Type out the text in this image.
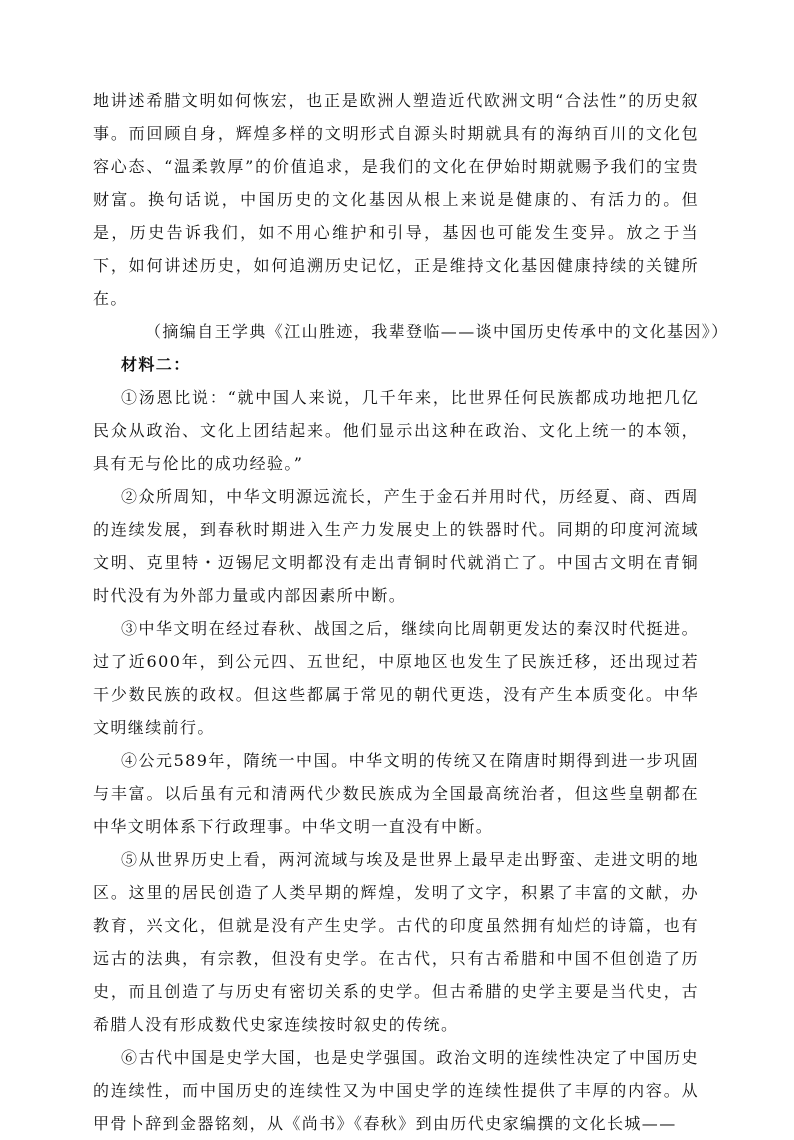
地讲述希腊文明如何恢宏，也正是欧洲人塑造近代欧洲文明“合法性”的历史叙事。而回顾自身，辉煌多样的文明形式自源头时期就具有的海纳百川的文化包容心态、“温柔敦厚”的价值追求，是我们的文化在伊始时期就赐予我们的宝贵财富。换句话说，中国历史的文化基因从根上来说是健康的、有活力的。但是，历史告诉我们，如不用心维护和引导，基因也可能发生变异。放之于当下，如何讲述历史，如何追溯历史记忆，正是维持文化基因健康持续的关键所在。

（摘编自王学典《江山胜迹，我辈登临——谈中国历史传承中的文化基因》）

材料二：

①汤恩比说：“就中国人来说，几千年来，比世界任何民族都成功地把几亿民众从政治、文化上团结起来。他们显示出这种在政治、文化上统一的本领，具有无与伦比的成功经验。”

②众所周知，中华文明源远流长，产生于金石并用时代，历经夏、商、西周的连续发展，到春秋时期进入生产力发展史上的铁器时代。同期的印度河流域文明、克里特・迈锡尼文明都没有走出青铜时代就消亡了。中国古文明在青铜时代没有为外部力量或内部因素所中断。

③中华文明在经过春秋、战国之后，继续向比周朝更发达的秦汉时代挺进。过了近600年，到公元四、五世纪，中原地区也发生了民族迁移，还出现过若干少数民族的政权。但这些都属于常见的朝代更迭，没有产生本质变化。中华文明继续前行。

④公元589年，隋统一中国。中华文明的传统又在隋唐时期得到进一步巩固与丰富。以后虽有元和清两代少数民族成为全国最高统治者，但这些皇朝都在中华文明体系下行政理事。中华文明一直没有中断。

⑤从世界历史上看，两河流域与埃及是世界上最早走出野蛮、走进文明的地区。这里的居民创造了人类早期的辉煌，发明了文字，积累了丰富的文献，办教育，兴文化，但就是没有产生史学。古代的印度虽然拥有灿烂的诗篇，也有远古的法典，有宗教，但没有史学。在古代，只有古希腊和中国不但创造了历史，而且创造了与历史有密切关系的史学。但古希腊的史学主要是当代史，古希腊人没有形成数代史家连续按时叙史的传统。

⑥古代中国是史学大国，也是史学强国。政治文明的连续性决定了中国历史的连续性，而中国历史的连续性又为中国史学的连续性提供了丰厚的内容。从甲骨卜辞到金器铭刻，从《尚书》《春秋》到由历代史家编撰的文化长城——
